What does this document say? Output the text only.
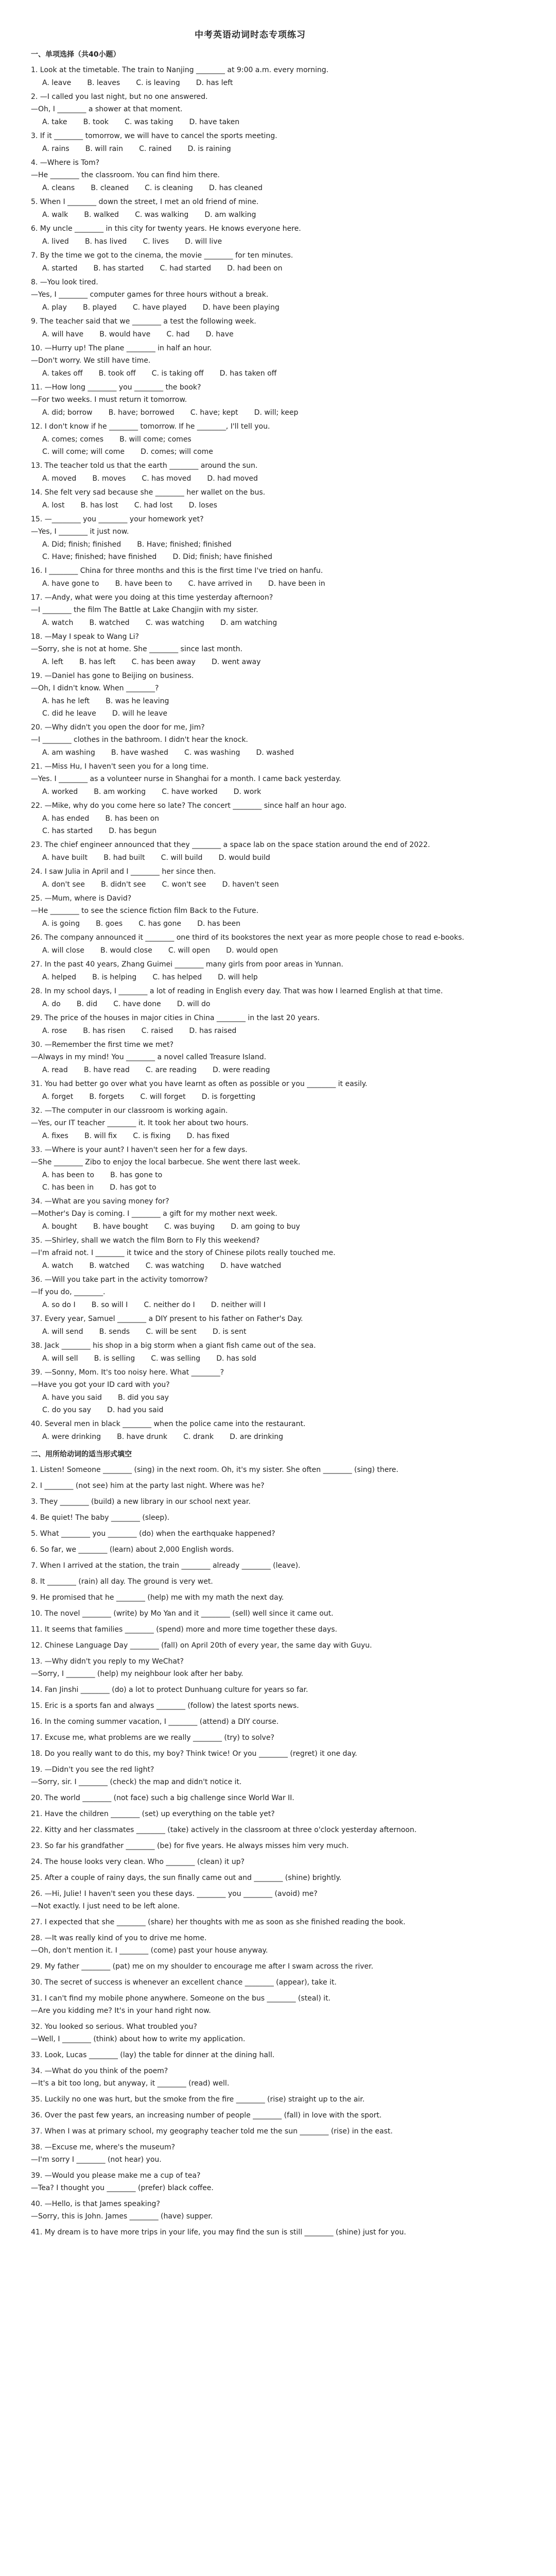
中考英语动词时态专项练习
一、单项选择（共40小题）
1. Look at the timetable. The train to Nanjing ________ at 9:00 a.m. every morning.
A. leave       B. leaves       C. is leaving       D. has left
2. —I called you last night, but no one answered.
—Oh, I ________ a shower at that moment.
A. take       B. took       C. was taking       D. have taken
3. If it ________ tomorrow, we will have to cancel the sports meeting.
A. rains       B. will rain       C. rained       D. is raining
4. —Where is Tom?
—He ________ the classroom. You can find him there.
A. cleans       B. cleaned       C. is cleaning       D. has cleaned
5. When I ________ down the street, I met an old friend of mine.
A. walk       B. walked       C. was walking       D. am walking
6. My uncle ________ in this city for twenty years. He knows everyone here.
A. lived       B. has lived       C. lives       D. will live
7. By the time we got to the cinema, the movie ________ for ten minutes.
A. started       B. has started       C. had started       D. had been on
8. —You look tired.
—Yes, I ________ computer games for three hours without a break.
A. play       B. played       C. have played       D. have been playing
9. The teacher said that we ________ a test the following week.
A. will have       B. would have       C. had       D. have
10. —Hurry up! The plane ________ in half an hour.
—Don't worry. We still have time.
A. takes off       B. took off       C. is taking off       D. has taken off
11. —How long ________ you ________ the book?
—For two weeks. I must return it tomorrow.
A. did; borrow       B. have; borrowed       C. have; kept       D. will; keep
12. I don't know if he ________ tomorrow. If he ________, I'll tell you.
A. comes; comes       B. will come; comes
C. will come; will come       D. comes; will come
13. The teacher told us that the earth ________ around the sun.
A. moved       B. moves       C. has moved       D. had moved
14. She felt very sad because she ________ her wallet on the bus.
A. lost       B. has lost       C. had lost       D. loses
15. —________ you ________ your homework yet?
—Yes, I ________ it just now.
A. Did; finish; finished       B. Have; finished; finished
C. Have; finished; have finished       D. Did; finish; have finished
16. I ________ China for three months and this is the first time I've tried on hanfu.
A. have gone to       B. have been to       C. have arrived in       D. have been in
17. —Andy, what were you doing at this time yesterday afternoon?
—I ________ the film The Battle at Lake Changjin with my sister.
A. watch       B. watched       C. was watching       D. am watching
18. —May I speak to Wang Li?
—Sorry, she is not at home. She ________ since last month.
A. left       B. has left       C. has been away       D. went away
19. —Daniel has gone to Beijing on business.
—Oh, I didn't know. When ________?
A. has he left       B. was he leaving
C. did he leave       D. will he leave
20. —Why didn't you open the door for me, Jim?
—I ________ clothes in the bathroom. I didn't hear the knock.
A. am washing       B. have washed       C. was washing       D. washed
21. —Miss Hu, I haven't seen you for a long time.
—Yes. I ________ as a volunteer nurse in Shanghai for a month. I came back yesterday.
A. worked       B. am working       C. have worked       D. work
22. —Mike, why do you come here so late? The concert ________ since half an hour ago.
A. has ended       B. has been on
C. has started       D. has begun
23. The chief engineer announced that they ________ a space lab on the space station around the end of 2022.
A. have built       B. had built       C. will build       D. would build
24. I saw Julia in April and I ________ her since then.
A. don't see       B. didn't see       C. won't see       D. haven't seen
25. —Mum, where is David?
—He ________ to see the science fiction film Back to the Future.
A. is going       B. goes       C. has gone       D. has been
26. The company announced it ________ one third of its bookstores the next year as more people chose to read e-books.
A. will close       B. would close       C. will open       D. would open
27. In the past 40 years, Zhang Guimei ________ many girls from poor areas in Yunnan.
A. helped       B. is helping       C. has helped       D. will help
28. In my school days, I ________ a lot of reading in English every day. That was how I learned English at that time.
A. do       B. did       C. have done       D. will do
29. The price of the houses in major cities in China ________ in the last 20 years.
A. rose       B. has risen       C. raised       D. has raised
30. —Remember the first time we met?
—Always in my mind! You ________ a novel called Treasure Island.
A. read       B. have read       C. are reading       D. were reading
31. You had better go over what you have learnt as often as possible or you ________ it easily.
A. forget       B. forgets       C. will forget       D. is forgetting
32. —The computer in our classroom is working again.
—Yes, our IT teacher ________ it. It took her about two hours.
A. fixes       B. will fix       C. is fixing       D. has fixed
33. —Where is your aunt? I haven't seen her for a few days.
—She ________ Zibo to enjoy the local barbecue. She went there last week.
A. has been to       B. has gone to
C. has been in       D. has got to
34. —What are you saving money for?
—Mother's Day is coming. I ________ a gift for my mother next week.
A. bought       B. have bought       C. was buying       D. am going to buy
35. —Shirley, shall we watch the film Born to Fly this weekend?
—I'm afraid not. I ________ it twice and the story of Chinese pilots really touched me.
A. watch       B. watched       C. was watching       D. have watched
36. —Will you take part in the activity tomorrow?
—If you do, ________.
A. so do I       B. so will I       C. neither do I       D. neither will I
37. Every year, Samuel ________ a DIY present to his father on Father's Day.
A. will send       B. sends       C. will be sent       D. is sent
38. Jack ________ his shop in a big storm when a giant fish came out of the sea.
A. will sell       B. is selling       C. was selling       D. has sold
39. —Sonny, Mom. It's too noisy here. What ________?
—Have you got your ID card with you?
A. have you said       B. did you say
C. do you say       D. had you said
40. Several men in black ________ when the police came into the restaurant.
A. were drinking       B. have drunk       C. drank       D. are drinking
二、用所给动词的适当形式填空
1. Listen! Someone ________ (sing) in the next room. Oh, it's my sister. She often ________ (sing) there.
2. I ________ (not see) him at the party last night. Where was he?
3. They ________ (build) a new library in our school next year.
4. Be quiet! The baby ________ (sleep).
5. What ________ you ________ (do) when the earthquake happened?
6. So far, we ________ (learn) about 2,000 English words.
7. When I arrived at the station, the train ________ already ________ (leave).
8. It ________ (rain) all day. The ground is very wet.
9. He promised that he ________ (help) me with my math the next day.
10. The novel ________ (write) by Mo Yan and it ________ (sell) well since it came out.
11. It seems that families ________ (spend) more and more time together these days.
12. Chinese Language Day ________ (fall) on April 20th of every year, the same day with Guyu.
13. —Why didn't you reply to my WeChat?
—Sorry, I ________ (help) my neighbour look after her baby.
14. Fan Jinshi ________ (do) a lot to protect Dunhuang culture for years so far.
15. Eric is a sports fan and always ________ (follow) the latest sports news.
16. In the coming summer vacation, I ________ (attend) a DIY course.
17. Excuse me, what problems are we really ________ (try) to solve?
18. Do you really want to do this, my boy? Think twice! Or you ________ (regret) it one day.
19. —Didn't you see the red light?
—Sorry, sir. I ________ (check) the map and didn't notice it.
20. The world ________ (not face) such a big challenge since World War II.
21. Have the children ________ (set) up everything on the table yet?
22. Kitty and her classmates ________ (take) actively in the classroom at three o'clock yesterday afternoon.
23. So far his grandfather ________ (be) for five years. He always misses him very much.
24. The house looks very clean. Who ________ (clean) it up?
25. After a couple of rainy days, the sun finally came out and ________ (shine) brightly.
26. —Hi, Julie! I haven't seen you these days. ________ you ________ (avoid) me?
—Not exactly. I just need to be left alone.
27. I expected that she ________ (share) her thoughts with me as soon as she finished reading the book.
28. —It was really kind of you to drive me home.
—Oh, don't mention it. I ________ (come) past your house anyway.
29. My father ________ (pat) me on my shoulder to encourage me after I swam across the river.
30. The secret of success is whenever an excellent chance ________ (appear), take it.
31. I can't find my mobile phone anywhere. Someone on the bus ________ (steal) it.
—Are you kidding me? It's in your hand right now.
32. You looked so serious. What troubled you?
—Well, I ________ (think) about how to write my application.
33. Look, Lucas ________ (lay) the table for dinner at the dining hall.
34. —What do you think of the poem?
—It's a bit too long, but anyway, it ________ (read) well.
35. Luckily no one was hurt, but the smoke from the fire ________ (rise) straight up to the air.
36. Over the past few years, an increasing number of people ________ (fall) in love with the sport.
37. When I was at primary school, my geography teacher told me the sun ________ (rise) in the east.
38. —Excuse me, where's the museum?
—I'm sorry I ________ (not hear) you.
39. —Would you please make me a cup of tea?
—Tea? I thought you ________ (prefer) black coffee.
40. —Hello, is that James speaking?
—Sorry, this is John. James ________ (have) supper.
41. My dream is to have more trips in your life, you may find the sun is still ________ (shine) just for you.
